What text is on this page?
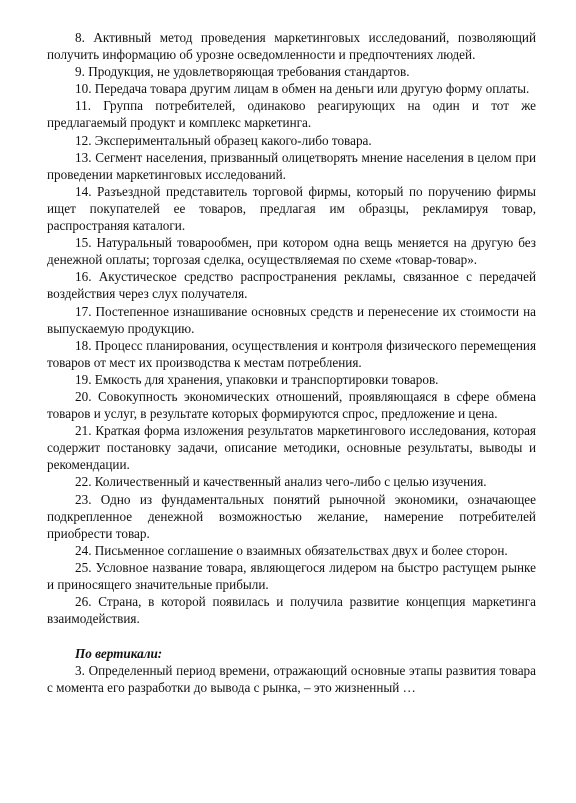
8. Активный метод проведения маркетинговых исследований, позволяющий получить информацию об урозне осведомленности и предпочтениях людей.

9. Продукция, не удовлетворяющая требования стандартов.

10. Передача товара другим лицам в обмен на деньги или другую форму оплаты.

11. Группа потребителей, одинаково реагирующих на один и тот же предлагаемый продукт и комплекс маркетинга.

12. Экспериментальный образец какого-либо товара.

13. Сегмент населения, призванный олицетворять мнение населения в целом при проведении маркетинговых исследований.

14. Разъездной представитель торговой фирмы, который по поручению фирмы ищет покупателей ее товаров, предлагая им образцы, рекламируя товар, распространяя каталоги.

15. Натуральный товарообмен, при котором одна вещь меняется на другую без денежной оплаты; торгозая сделка, осуществляемая по схеме «товар-товар».

16. Акустическое средство распространения рекламы, связанное с передачей воздействия через слух получателя.

17. Постепенное изнашивание основных средств и перенесение их стоимости на выпускаемую продукцию.

18. Процесс планирования, осуществления и контроля физического перемещения товаров от мест их производства к местам потребления.

19. Емкость для хранения, упаковки и транспортировки товаров.

20. Совокупность экономических отношений, проявляющаяся в сфере обмена товаров и услуг, в результате которых формируются спрос, предложение и цена.

21. Краткая форма изложения результатов маркетингового исследования, которая содержит постановку задачи, описание методики, основные результаты, выводы и рекомендации.

22. Количественный и качественный анализ чего-либо с целью изучения.

23. Одно из фундаментальных понятий рыночной экономики, означающее подкрепленное денежной возможностью желание, намерение потребителей приобрести товар.

24. Письменное соглашение о взаимных обязательствах двух и более сторон.

25. Условное название товара, являющегося лидером на быстро растущем рынке и приносящего значительные прибыли.

26. Страна, в которой появилась и получила развитие концепция маркетинга взаимодействия.

По вертикали:

3. Определенный период времени, отражающий основные этапы развития товара с момента его разработки до вывода с рынка, – это жизненный …
